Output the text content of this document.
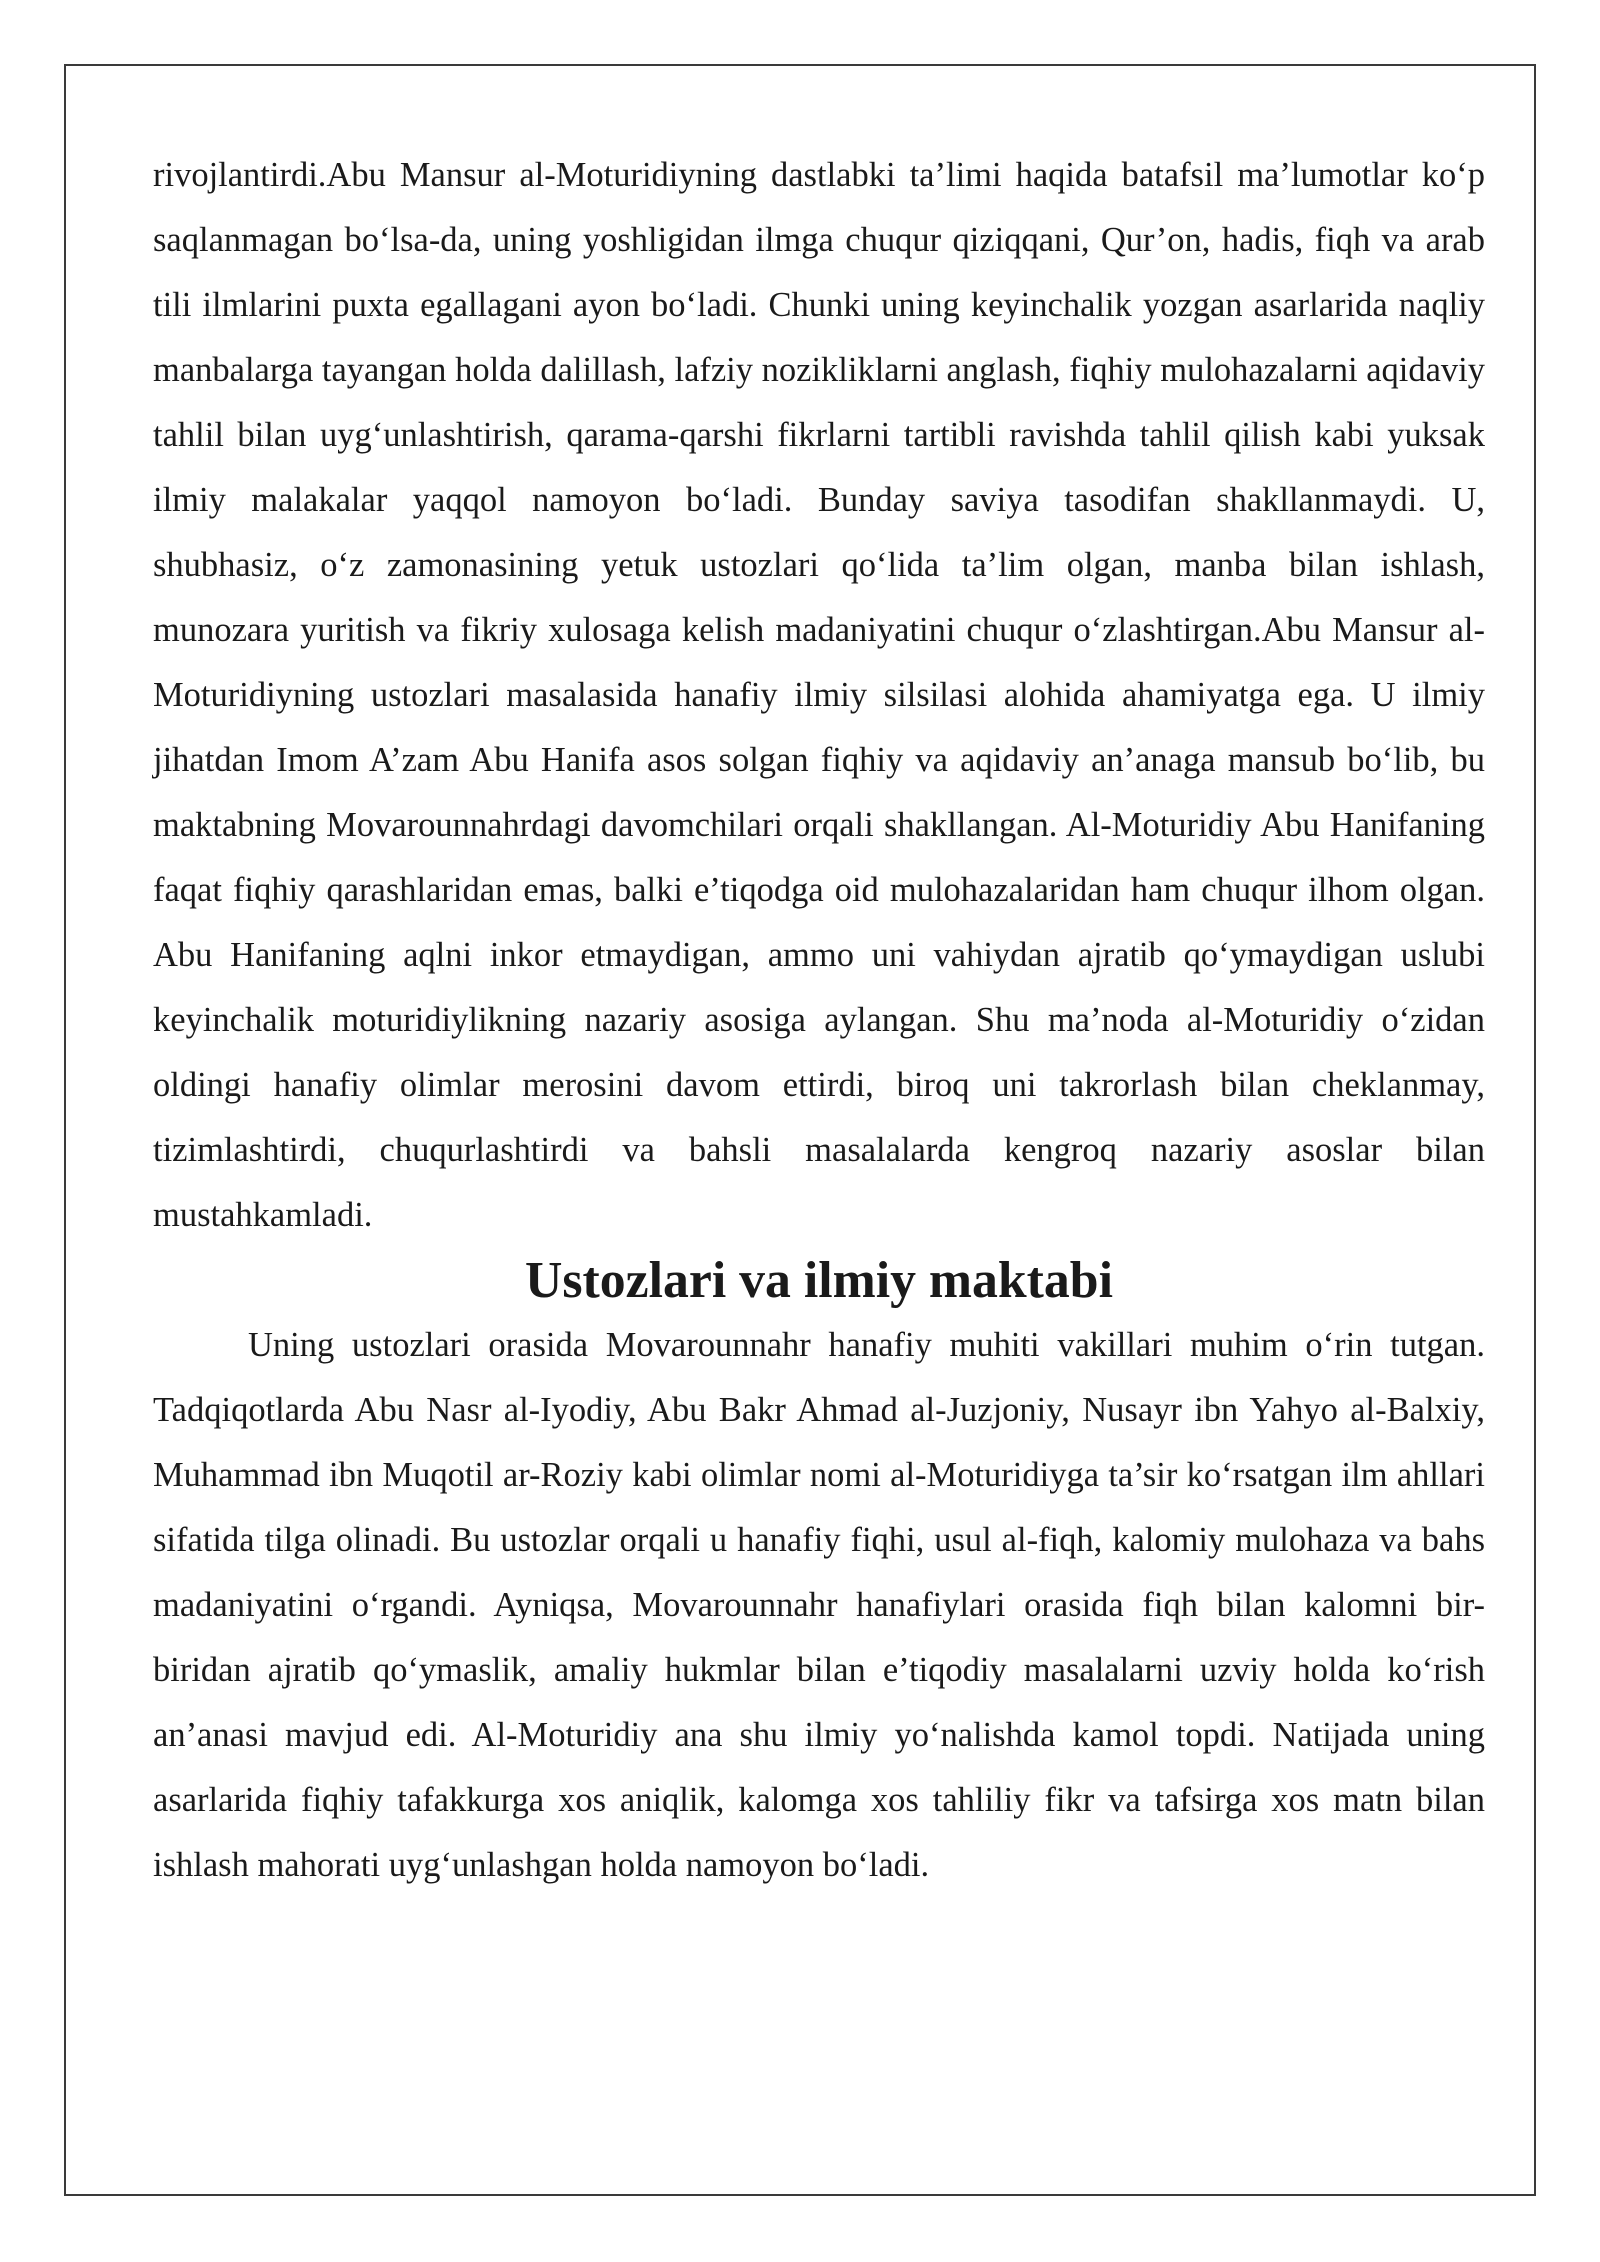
rivojlantirdi.Abu Mansur al-Moturidiyning dastlabki ta’limi haqida batafsil ma’lumotlar ko‘p saqlanmagan bo‘lsa-da, uning yoshligidan ilmga chuqur qiziqqani, Qur’on, hadis, fiqh va arab tili ilmlarini puxta egallagani ayon bo‘ladi. Chunki uning keyinchalik yozgan asarlarida naqliy manbalarga tayangan holda dalillash, lafziy nozikliklarni anglash, fiqhiy mulohazalarni aqidaviy tahlil bilan uyg‘unlashtirish, qarama-qarshi fikrlarni tartibli ravishda tahlil qilish kabi yuksak ilmiy malakalar yaqqol namoyon bo‘ladi. Bunday saviya tasodifan shakllanmaydi. U, shubhasiz, o‘z zamonasining yetuk ustozlari qo‘lida ta’lim olgan, manba bilan ishlash, munozara yuritish va fikriy xulosaga kelish madaniyatini chuqur o‘zlashtirgan.Abu Mansur al-Moturidiyning ustozlari masalasida hanafiy ilmiy silsilasi alohida ahamiyatga ega. U ilmiy jihatdan Imom A’zam Abu Hanifa asos solgan fiqhiy va aqidaviy an’anaga mansub bo‘lib, bu maktabning Movarounnahrdagi davomchilari orqali shakllangan. Al-Moturidiy Abu Hanifaning faqat fiqhiy qarashlaridan emas, balki e’tiqodga oid mulohazalaridan ham chuqur ilhom olgan. Abu Hanifaning aqlni inkor etmaydigan, ammo uni vahiydan ajratib qo‘ymaydigan uslubi keyinchalik moturidiylikning nazariy asosiga aylangan. Shu ma’noda al-Moturidiy o‘zidan oldingi hanafiy olimlar merosini davom ettirdi, biroq uni takrorlash bilan cheklanmay, tizimlashtirdi, chuqurlashtirdi va bahsli masalalarda kengroq nazariy asoslar bilan mustahkamladi.

Ustozlari va ilmiy maktabi

Uning ustozlari orasida Movarounnahr hanafiy muhiti vakillari muhim o‘rin tutgan. Tadqiqotlarda Abu Nasr al-Iyodiy, Abu Bakr Ahmad al-Juzjoniy, Nusayr ibn Yahyo al-Balxiy, Muhammad ibn Muqotil ar-Roziy kabi olimlar nomi al-Moturidiyga ta’sir ko‘rsatgan ilm ahllari sifatida tilga olinadi. Bu ustozlar orqali u hanafiy fiqhi, usul al-fiqh, kalomiy mulohaza va bahs madaniyatini o‘rgandi. Ayniqsa, Movarounnahr hanafiylari orasida fiqh bilan kalomni bir-biridan ajratib qo‘ymaslik, amaliy hukmlar bilan e’tiqodiy masalalarni uzviy holda ko‘rish an’anasi mavjud edi. Al-Moturidiy ana shu ilmiy yo‘nalishda kamol topdi. Natijada uning asarlarida fiqhiy tafakkurga xos aniqlik, kalomga xos tahliliy fikr va tafsirga xos matn bilan ishlash mahorati uyg‘unlashgan holda namoyon bo‘ladi.
